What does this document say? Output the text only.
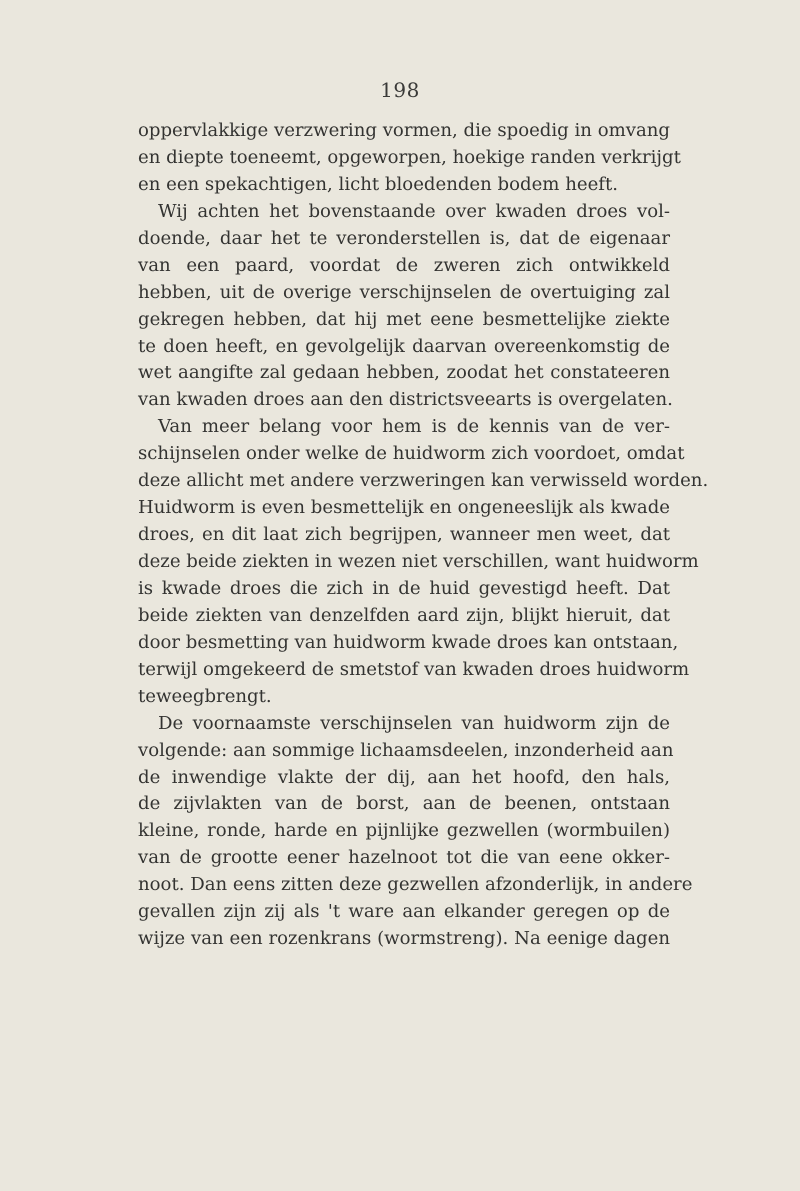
198
oppervlakkige verzwering vormen, die spoedig in omvang
en diepte toeneemt, opgeworpen, hoekige randen verkrijgt
en een spekachtigen, licht bloedenden bodem heeft.
Wij achten het bovenstaande over kwaden droes vol-
doende, daar het te veronderstellen is, dat de eigenaar
van een paard, voordat de zweren zich ontwikkeld
hebben, uit de overige verschijnselen de overtuiging zal
gekregen hebben, dat hij met eene besmettelijke ziekte
te doen heeft, en gevolgelijk daarvan overeenkomstig de
wet aangifte zal gedaan hebben, zoodat het constateeren
van kwaden droes aan den districtsveearts is overgelaten.
Van meer belang voor hem is de kennis van de ver-
schijnselen onder welke de huidworm zich voordoet, omdat
deze allicht met andere verzweringen kan verwisseld worden.
Huidworm is even besmettelijk en ongeneeslijk als kwade
droes, en dit laat zich begrijpen, wanneer men weet, dat
deze beide ziekten in wezen niet verschillen, want huidworm
is kwade droes die zich in de huid gevestigd heeft. Dat
beide ziekten van denzelfden aard zijn, blijkt hieruit, dat
door besmetting van huidworm kwade droes kan ontstaan,
terwijl omgekeerd de smetstof van kwaden droes huidworm
teweegbrengt.
De voornaamste verschijnselen van huidworm zijn de
volgende: aan sommige lichaamsdeelen, inzonderheid aan
de inwendige vlakte der dij, aan het hoofd, den hals,
de zijvlakten van de borst, aan de beenen, ontstaan
kleine, ronde, harde en pijnlijke gezwellen (wormbuilen)
van de grootte eener hazelnoot tot die van eene okker-
noot. Dan eens zitten deze gezwellen afzonderlijk, in andere
gevallen zijn zij als 't ware aan elkander geregen op de
wijze van een rozenkrans (wormstreng). Na eenige dagen
